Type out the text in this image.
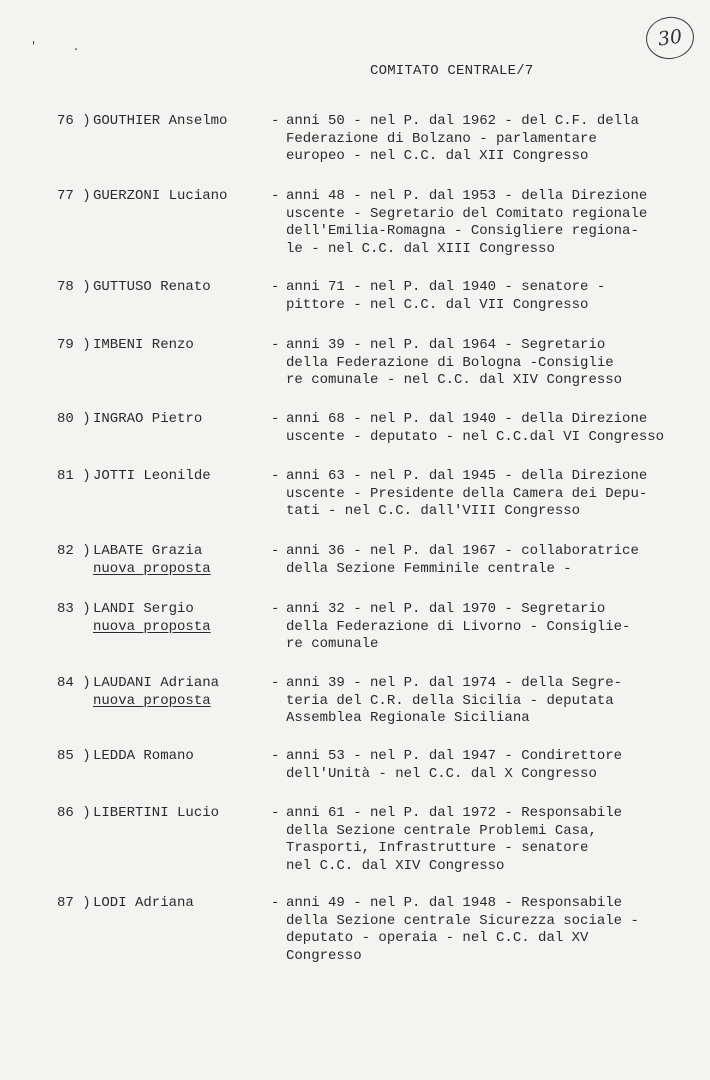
30
' .
COMITATO CENTRALE/7
76 ) GOUTHIER Anselmo	- anni 50 - nel P. dal 1962 - del C.F. della
Federazione di Bolzano - parlamentare
europeo - nel C.C. dal XII Congresso
77 ) GUERZONI Luciano	- anni 48 - nel P. dal 1953 - della Direzione
uscente - Segretario del Comitato regionale
dell'Emilia-Romagna - Consigliere regiona-
le - nel C.C. dal XIII Congresso
78 ) GUTTUSO Renato	- anni 71 - nel P. dal 1940 - senatore -
pittore - nel C.C. dal VII Congresso
79 ) IMBENI Renzo	- anni 39 - nel P. dal 1964 - Segretario
della Federazione di Bologna -Consiglie
re comunale - nel C.C. dal XIV Congresso
80 ) INGRAO Pietro	- anni 68 - nel P. dal 1940 - della Direzione
uscente - deputato - nel C.C.dal VI Congresso
81 ) JOTTI Leonilde	- anni 63 - nel P. dal 1945 - della Direzione
uscente - Presidente della Camera dei Depu-
tati - nel C.C. dall'VIII Congresso
82 ) LABATE Grazia
nuova proposta
- anni 36 - nel P. dal 1967 - collaboratrice
della Sezione Femminile centrale -
83 ) LANDI Sergio
nuova proposta
- anni 32 - nel P. dal 1970 - Segretario
della Federazione di Livorno - Consiglie-
re comunale
84 ) LAUDANI Adriana
nuova proposta
- anni 39 - nel P. dal 1974 - della Segre-
teria del C.R. della Sicilia - deputata
Assemblea Regionale Siciliana
85 ) LEDDA Romano	- anni 53 - nel P. dal 1947 - Condirettore
dell'Unità - nel C.C. dal X Congresso
86 ) LIBERTINI Lucio	- anni 61 - nel P. dal 1972 - Responsabile
della Sezione centrale Problemi Casa,
Trasporti, Infrastrutture - senatore
nel C.C. dal XIV Congresso
87 ) LODI Adriana	- anni 49 - nel P. dal 1948 - Responsabile
della Sezione centrale Sicurezza sociale -
deputato - operaia - nel C.C. dal XV
Congresso
